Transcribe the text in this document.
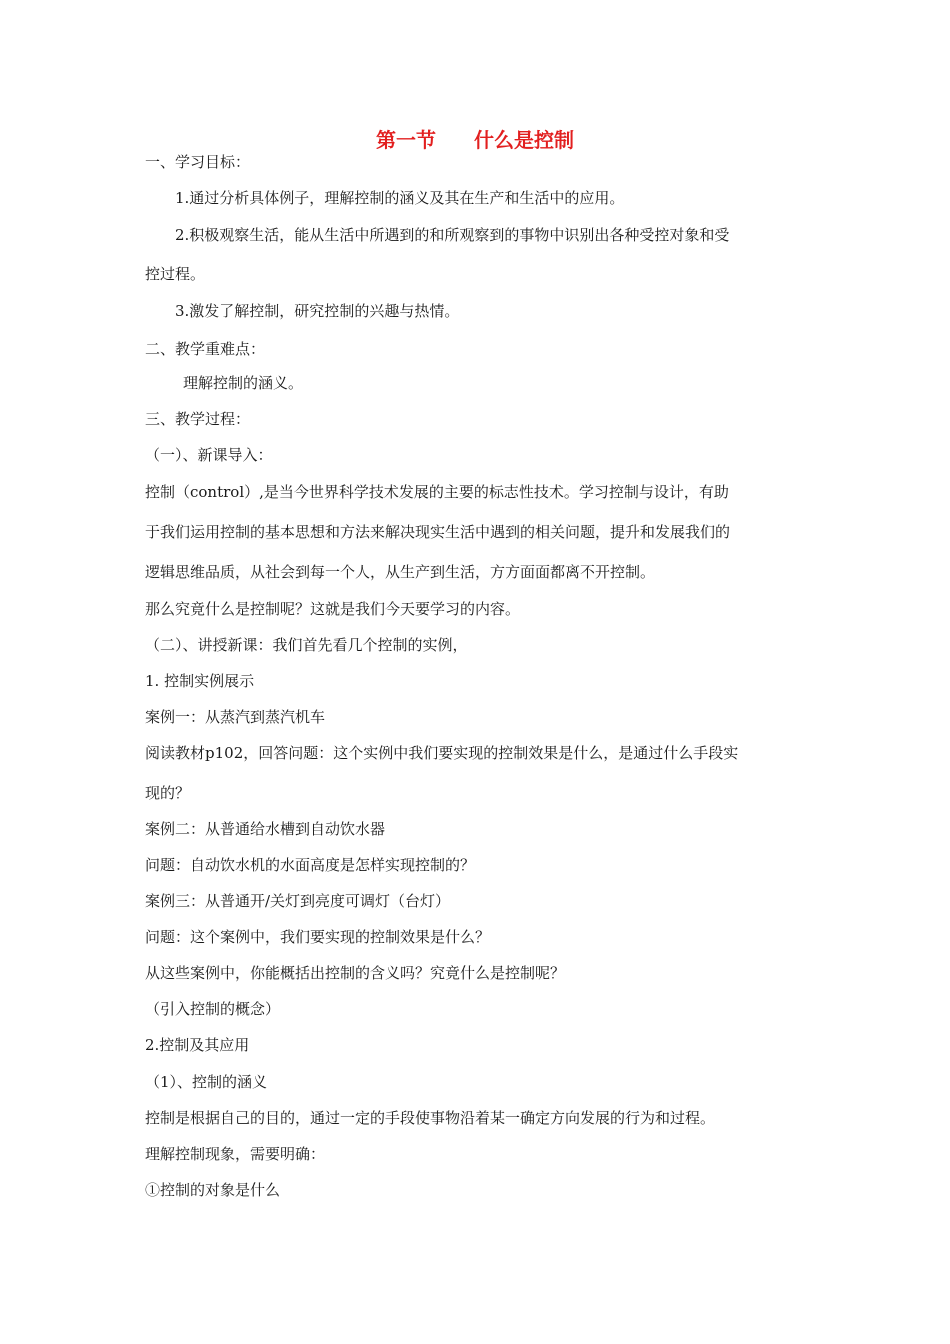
第一节 什么是控制
一、学习目标：
1.通过分析具体例子，理解控制的涵义及其在生产和生活中的应用。
2.积极观察生活，能从生活中所遇到的和所观察到的事物中识别出各种受控对象和受
控过程。
3.激发了解控制，研究控制的兴趣与热情。
二、教学重难点：
理解控制的涵义。
三、教学过程：
（一）、新课导入：
控制（control）,是当今世界科学技术发展的主要的标志性技术。学习控制与设计，有助
于我们运用控制的基本思想和方法来解决现实生活中遇到的相关问题，提升和发展我们的
逻辑思维品质，从社会到每一个人，从生产到生活，方方面面都离不开控制。
那么究竟什么是控制呢？这就是我们今天要学习的内容。
（二）、讲授新课：我们首先看几个控制的实例，
1. 控制实例展示
案例一：从蒸汽到蒸汽机车
阅读教材p102，回答问题：这个实例中我们要实现的控制效果是什么，是通过什么手段实
现的？
案例二：从普通给水槽到自动饮水器
问题：自动饮水机的水面高度是怎样实现控制的？
案例三：从普通开/关灯到亮度可调灯（台灯）
问题：这个案例中，我们要实现的控制效果是什么？
从这些案例中，你能概括出控制的含义吗？究竟什么是控制呢？
（引入控制的概念）
2.控制及其应用
（1）、控制的涵义
控制是根据自己的目的，通过一定的手段使事物沿着某一确定方向发展的行为和过程。
理解控制现象，需要明确：
①控制的对象是什么
